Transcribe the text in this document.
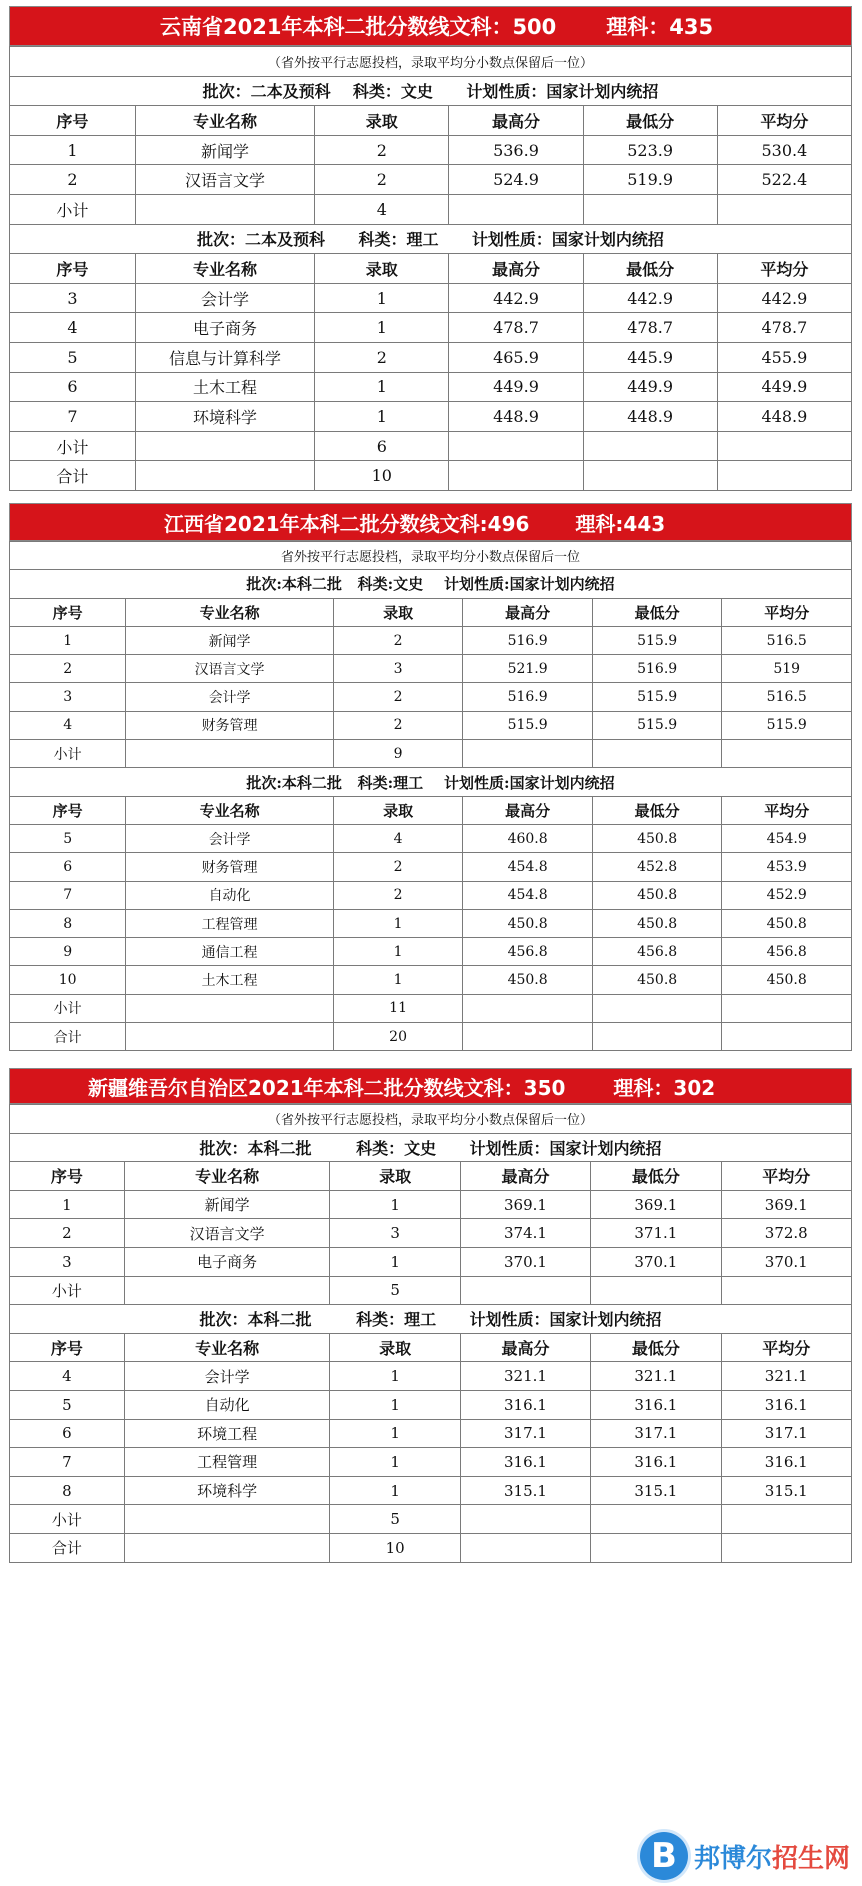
云南省2021年本科二批分数线文科：500 理科：435
（省外按平行志愿投档，录取平均分小数点保留后一位）					
批次：二本及预科 科类：文史 计划性质：国家计划内统招					
序号	专业名称	录取	最高分	最低分	平均分
1	新闻学	2	536.9	523.9	530.4
2	汉语言文学	2	524.9	519.9	522.4
小计		4			
批次：二本及预科 科类：理工 计划性质：国家计划内统招					
序号	专业名称	录取	最高分	最低分	平均分
3	会计学	1	442.9	442.9	442.9
4	电子商务	1	478.7	478.7	478.7
5	信息与计算科学	2	465.9	445.9	455.9
6	土木工程	1	449.9	449.9	449.9
7	环境科学	1	448.9	448.9	448.9
小计		6			
合计		10			
江西省2021年本科二批分数线文科:496 理科:443
省外按平行志愿投档，录取平均分小数点保留后一位					
批次:本科二批 科类:文史 计划性质:国家计划内统招					
序号	专业名称	录取	最高分	最低分	平均分
1	新闻学	2	516.9	515.9	516.5
2	汉语言文学	3	521.9	516.9	519
3	会计学	2	516.9	515.9	516.5
4	财务管理	2	515.9	515.9	515.9
小计		9			
批次:本科二批 科类:理工 计划性质:国家计划内统招					
序号	专业名称	录取	最高分	最低分	平均分
5	会计学	4	460.8	450.8	454.9
6	财务管理	2	454.8	452.8	453.9
7	自动化	2	454.8	450.8	452.9
8	工程管理	1	450.8	450.8	450.8
9	通信工程	1	456.8	456.8	456.8
10	土木工程	1	450.8	450.8	450.8
小计		11			
合计		20			
新疆维吾尔自治区2021年本科二批分数线文科：350 理科：302
（省外按平行志愿投档，录取平均分小数点保留后一位）					
批次：本科二批 科类：文史 计划性质：国家计划内统招					
序号	专业名称	录取	最高分	最低分	平均分
1	新闻学	1	369.1	369.1	369.1
2	汉语言文学	3	374.1	371.1	372.8
3	电子商务	1	370.1	370.1	370.1
小计		5			
批次：本科二批 科类：理工 计划性质：国家计划内统招					
序号	专业名称	录取	最高分	最低分	平均分
4	会计学	1	321.1	321.1	321.1
5	自动化	1	316.1	316.1	316.1
6	环境工程	1	317.1	317.1	317.1
7	工程管理	1	316.1	316.1	316.1
8	环境科学	1	315.1	315.1	315.1
小计		5			
合计		10			
B 邦博尔招生网
